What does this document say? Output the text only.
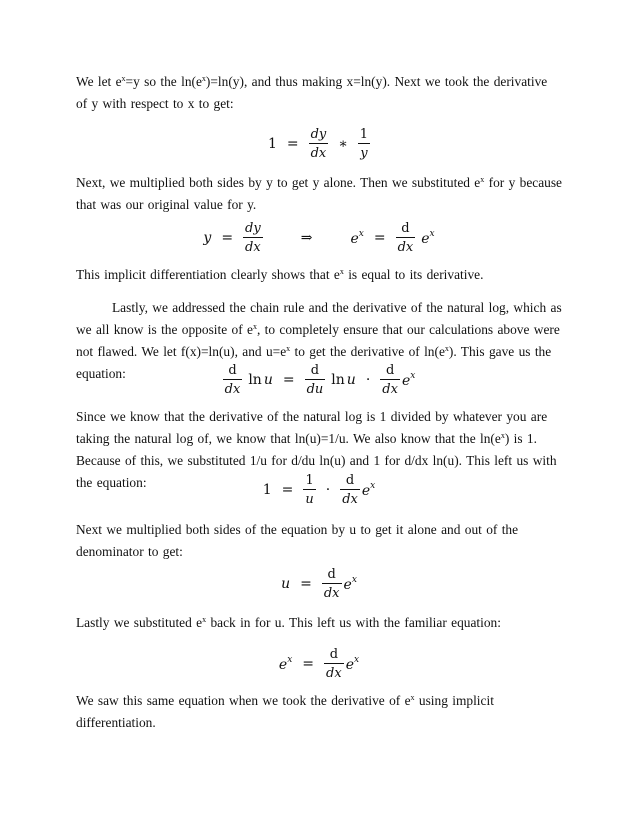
We let $e^x=y$ so the $\ln(e^x)=\ln(y)$, and thus making x=ln(y). Next we took the derivative of y with respect to x to get:

$1 = \frac{dy}{dx}$ ∗ $\frac{1}{y}$

Next, we multiplied both sides by y to get y alone. Then we substituted $e^x$ for y because that was our original value for y.

$y = \frac{dy}{dx}$	⇒	$e^x = \frac{d}{dx} e^x$

This implicit differentiation clearly shows that $e^x$ is equal to its derivative.

Lastly, we addressed the chain rule and the derivative of the natural log, which as we all know is the opposite of $e^x$, to completely ensure that our calculations above were not flawed. We let f(x)=ln(u), and $u=e^x$ to get the derivative of $\ln(e^x)$. This gave us the equation:	$\frac{d}{dx}$ $\ln u = \frac{d}{du}$ $\ln u \cdot \frac{d}{dx} e^x$

Since we know that the derivative of the natural log is 1 divided by whatever you are taking the natural log of, we know that ln(u)=1/u. We also know that the $\ln(e^x)$ is 1. Because of this, we substituted 1/u for d/du ln(u) and 1 for d/dx ln(u). This left us with the equation:	$1 = \frac{1}{u} \cdot \frac{d}{dx} e^x$

Next we multiplied both sides of the equation by u to get it alone and out of the denominator to get:

$u = \frac{d}{dx} e^x$

Lastly we substituted $e^x$ back in for u. This left us with the familiar equation:

$e^x = \frac{d}{dx} e^x$

We saw this same equation when we took the derivative of $e^x$ using implicit differentiation.
